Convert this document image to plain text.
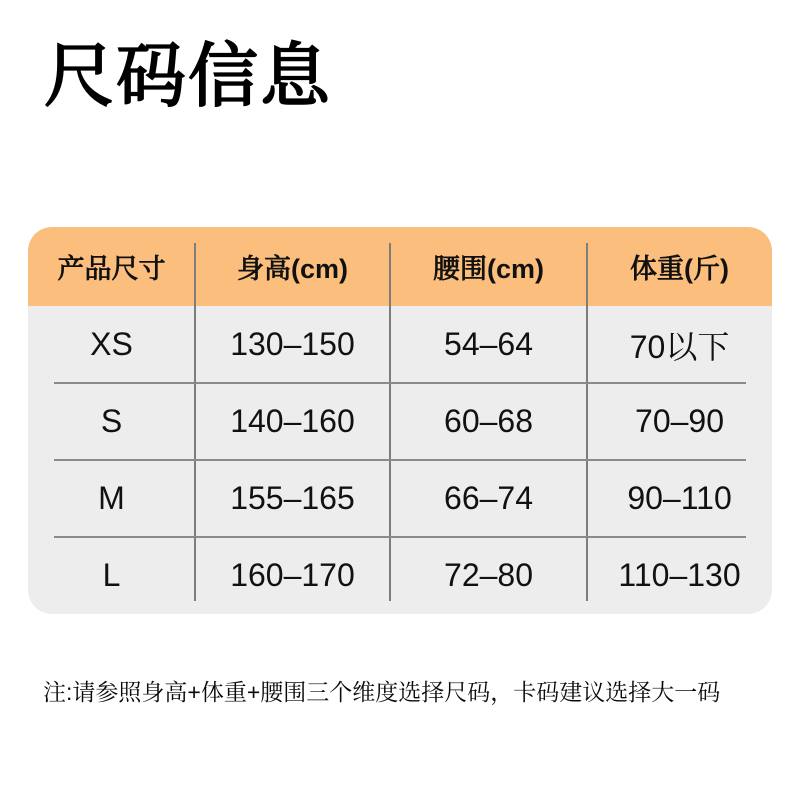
尺码信息
产品尺寸	身高(cm)	腰围(cm)	体重(斤)
XS	130–150	54–64	70以下
S	140–160	60–68	70–90
M	155–165	66–74	90–110
L	160–170	72–80	110–130
注:请参照身高+体重+腰围三个维度选择尺码，卡码建议选择大一码
